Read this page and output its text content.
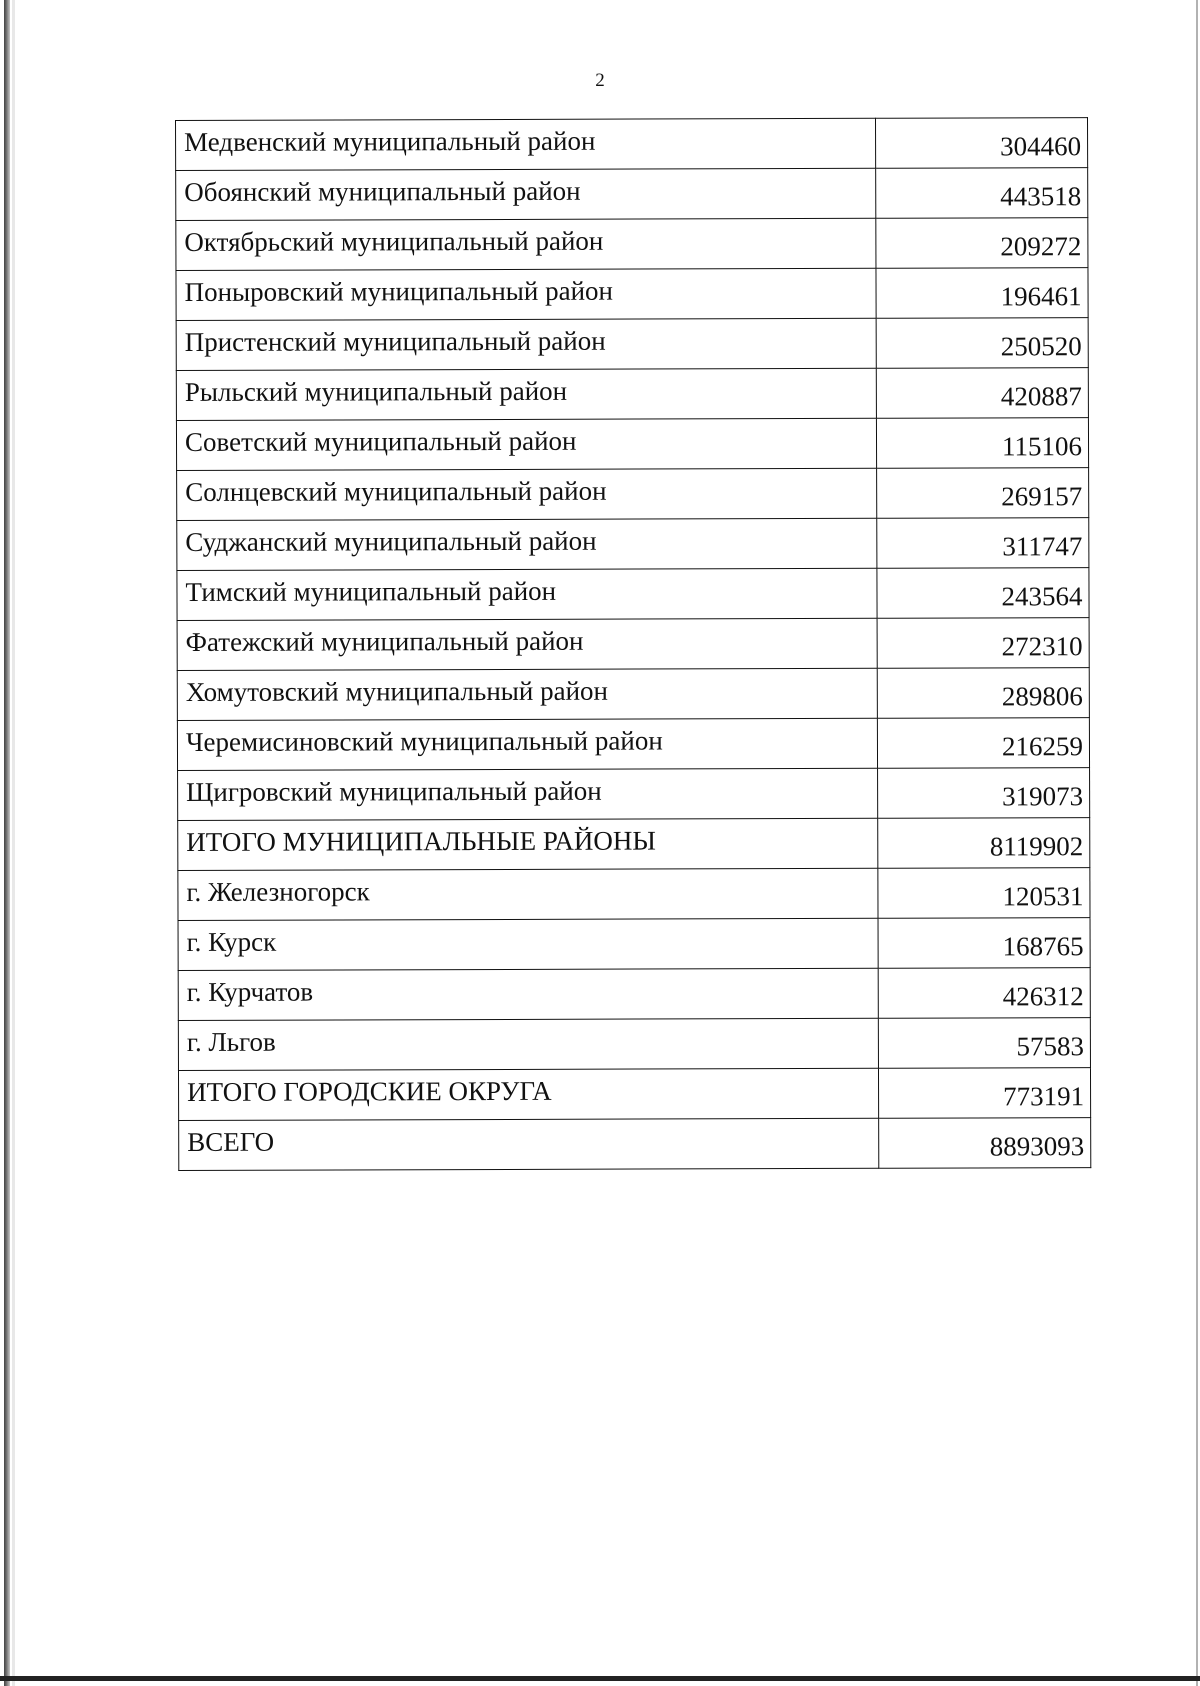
2
Медвенский муниципальный район	304460
Обоянский муниципальный район	443518
Октябрьский муниципальный район	209272
Поныровский муниципальный район	196461
Пристенский муниципальный район	250520
Рыльский муниципальный район	420887
Советский муниципальный район	115106
Солнцевский муниципальный район	269157
Суджанский муниципальный район	311747
Тимский муниципальный район	243564
Фатежский муниципальный район	272310
Хомутовский муниципальный район	289806
Черемисиновский муниципальный район	216259
Щигровский муниципальный район	319073
ИТОГО МУНИЦИПАЛЬНЫЕ РАЙОНЫ	8119902
г. Железногорск	120531
г. Курск	168765
г. Курчатов	426312
г. Льгов	57583
ИТОГО ГОРОДСКИЕ ОКРУГА	773191
ВСЕГО	8893093
